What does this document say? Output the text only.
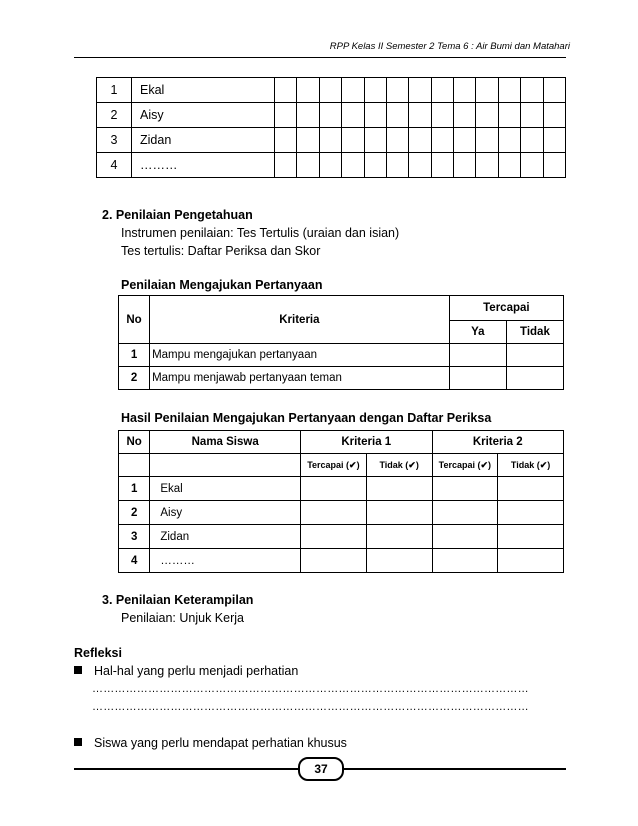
RPP Kelas II Semester 2 Tema 6 : Air Bumi dan Matahari
1	Ekal													
2	Aisy													
3	Zidan													
4	………													
2. Penilaian Pengetahuan
Instrumen penilaian: Tes Tertulis (uraian dan isian)
Tes tertulis: Daftar Periksa dan Skor
Penilaian Mengajukan Pertanyaan
No	Kriteria	Tercapai	
		Ya	Tidak
1	Mampu mengajukan pertanyaan		
2	Mampu menjawab pertanyaan teman		
Hasil Penilaian Mengajukan Pertanyaan dengan Daftar Periksa
No	Nama Siswa	Kriteria 1		Kriteria 2	
		Tercapai (✔)	Tidak (✔)	Tercapai (✔)	Tidak (✔)
1	Ekal				
2	Aisy				
3	Zidan				
4	………				
3. Penilaian Keterampilan
Penilaian: Unjuk Kerja
Refleksi
Hal-hal yang perlu menjadi perhatian
………………………………………………………………………………………………………
………………………………………………………………………………………………………
Siswa yang perlu mendapat perhatian khusus
37
